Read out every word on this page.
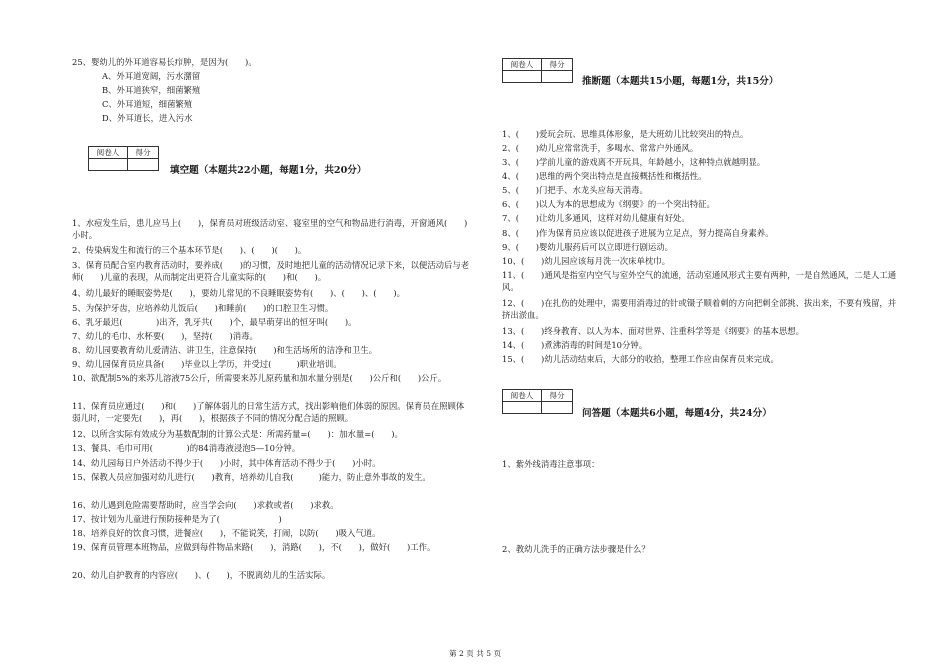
25、婴幼儿的外耳道容易长疖肿，是因为(　　)。
A、外耳道宽阔，污水潴留
B、外耳道狭窄，细菌繁殖
C、外耳道短，细菌繁殖
D、外耳道长，进入污水
阅卷人	得分

填空题（本题共22小题，每题1分，共20分）
1、水痘发生后，患儿应马上(　　)，保育员对班级活动室、寝室里的空气和物品进行消毒，开窗通风(　　)小时。
2、传染病发生和流行的三个基本环节是(　　)、(　　)(　　)。
3、保育员配合室内教育活动时，要养成(　　)的习惯，及时地把儿童的活动情况记录下来，以便活动后与老师(　　)儿童的表现，从而制定出更符合儿童实际的(　　)和(　　)。
4、幼儿最好的睡眠姿势是(　　)，要幼儿常见的不良睡眠姿势有(　　)、(　　)、(　　)。
5、为保护牙齿，应培养幼儿饭后(　　)和睡前(　　)的口腔卫生习惯。
6、乳牙最迟(　　　　)出齐，乳牙共(　　)个，最早萌芽出的恒牙叫(　　)。
7、幼儿的毛巾、水杯要(　　)，坚持(　　)消毒。
8、幼儿园要教育幼儿爱清洁、讲卫生，注意保持(　　)和生活场所的洁净和卫生。
9、幼儿园保育员应具备(　　)毕业以上学历，并受过(　　　)职业培训。
10、欲配制5%的来苏儿溶液75公斤，所需要来苏儿原药量和加水量分别是(　　)公斤和(　　)公斤。
11、保育员应通过(　　)和(　　)了解体弱儿的日常生活方式，找出影响他们体弱的原因。保育员在照顾体弱儿时，一定要先(　　)，再(　　)，根据孩子不同的情况分配合适的照顾。
12、以所含实际有效成分为基数配制的计算公式是：所需药量=(　　)：加水量=(　　)。
13、餐具、毛巾可用(　　　　)的84消毒液浸泡5—10分钟。
14、幼儿园每日户外活动不得少于(　　)小时，其中体育活动不得少于(　　)小时。
15、保教人员应加强对幼儿进行(　　)教育，培养幼儿自我(　　　)能力，防止意外事故的发生。
16、幼儿遇到危险需要帮助时，应当学会向(　　)求救或者(　　)求救。
17、按计划为儿童进行预防接种是为了(　　　　　　　)
18、培养良好的饮食习惯，进餐应(　　)，不能说笑，打闹，以防(　　)吸入气道。
19、保育员管理本班物品，应做到每件物品来路(　　)，消路(　　)，不(　　)，做好(　　)工作。
20、幼儿自护教育的内容应(　　)、(　　)，不脱离幼儿的生活实际。
阅卷人	得分

推断题（本题共15小题，每题1分，共15分）
1、(　　)爱玩会玩、思维具体形象，是大班幼儿比较突出的特点。
2、(　　)幼儿应常常洗手，多喝水、常常户外通风。
3、(　　)学前儿童的游戏离不开玩具，年龄越小，这种特点就越明显。
4、(　　)思维的两个突出特点是直接概括性和概括性。
5、(　　)门把手、水龙头应每天消毒。
6、(　　)以人为本的思想成为《纲要》的一个突出特征。
7、(　　)让幼儿多通风，这样对幼儿健康有好处。
8、(　　)作为保育员应该以促进孩子进展为立足点，努力提高自身素养。
9、(　　)婴幼儿服药后可以立即进行剧运动。
10、(　　)幼儿园应该每月洗一次床单枕巾。
11、(　　)通风是指室内空气与室外空气的流通，活动室通风形式主要有两种，一是自然通风，二是人工通风。
12、(　　)在扎伤的处理中，需要用消毒过的针或镊子顺着刺的方向把刺全部挑、拔出来，不要有残留，并挤出淤血。
13、(　　)终身教育、以人为本、面对世界、注重科学等是《纲要》的基本思想。
14、(　　)煮沸消毒的时间是10分钟。
15、(　　)幼儿活动结束后，大部分的收拾，整理工作应由保育员来完成。
阅卷人	得分

问答题（本题共6小题，每题4分，共24分）
1、紫外线消毒注意事项：
2、教幼儿洗手的正确方法步骤是什么？
第 2 页 共 5 页
